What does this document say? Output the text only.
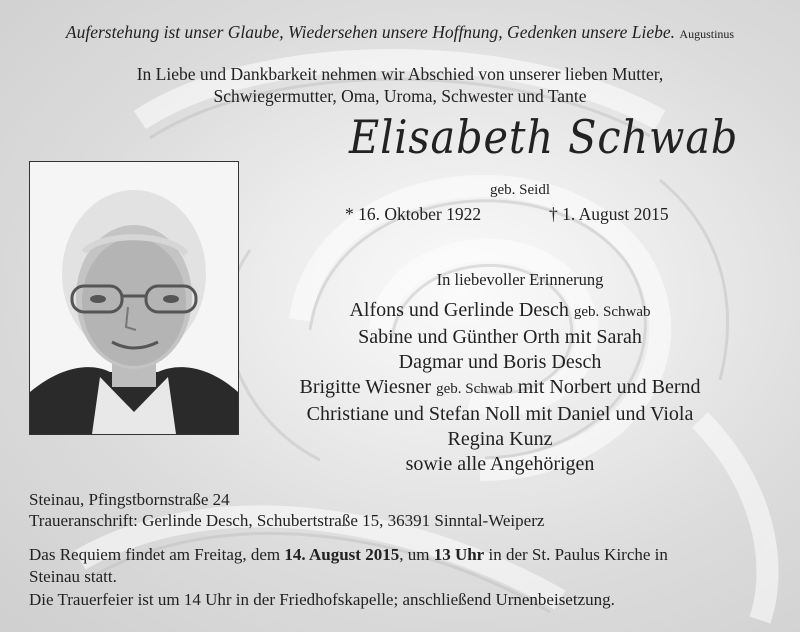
Auferstehung ist unser Glaube, Wiedersehen unsere Hoffnung, Gedenken unsere Liebe. Augustinus
In Liebe und Dankbarkeit nehmen wir Abschied von unserer lieben Mutter,
Schwiegermutter, Oma, Uroma, Schwester und Tante
Elisabeth Schwab
geb. Seidl
* 16. Oktober 1922	† 1. August 2015
In liebevoller Erinnerung
Alfons und Gerlinde Desch geb. Schwab
Sabine und Günther Orth mit Sarah
Dagmar und Boris Desch
Brigitte Wiesner geb. Schwab mit Norbert und Bernd
Christiane und Stefan Noll mit Daniel und Viola
Regina Kunz
sowie alle Angehörigen
Steinau, Pfingstbornstraße 24
Traueranschrift: Gerlinde Desch, Schubertstraße 15, 36391 Sinntal-Weiperz
Das Requiem findet am Freitag, dem 14. August 2015, um 13 Uhr in der St. Paulus Kirche in
Steinau statt.
Die Trauerfeier ist um 14 Uhr in der Friedhofskapelle; anschließend Urnenbeisetzung.
